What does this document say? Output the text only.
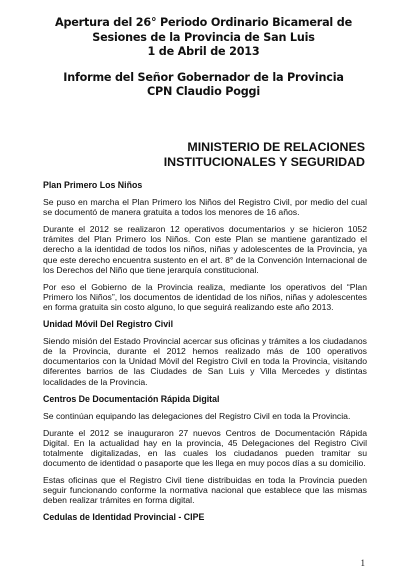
Apertura del 26° Periodo Ordinario Bicameral de
Sesiones de la Provincia de San Luis
1 de Abril de 2013
Informe del Señor Gobernador de la Provincia
CPN Claudio Poggi
MINISTERIO DE RELACIONES
INSTITUCIONALES Y SEGURIDAD
Plan Primero Los Niños

Se puso en marcha el Plan Primero los Niños del Registro Civil, por medio del cual se documentó de manera gratuita a todos los menores de 16 años.

Durante el 2012 se realizaron 12 operativos documentarios y se hicieron 1052 trámites del Plan Primero los Niños. Con este Plan se mantiene garantizado el derecho a la identidad de todos los niños, niñas y adolescentes de la Provincia, ya que este derecho encuentra sustento en el art. 8° de la Convención Internacional de los Derechos del Niño que tiene jerarquía constitucional.

Por eso el Gobierno de la Provincia realiza, mediante los operativos del “Plan Primero los Niños”, los documentos de identidad de los niños, niñas y adolescentes en forma gratuita sin costo alguno, lo que seguirá realizando este año 2013.

Unidad Móvil Del Registro Civil

Siendo misión del Estado Provincial acercar sus oficinas y trámites a los ciudadanos de la Provincia, durante el 2012 hemos realizado más de 100 operativos documentarios con la Unidad Móvil del Registro Civil en toda la Provincia, visitando diferentes barrios de las Ciudades de San Luis y Villa Mercedes y distintas localidades de la Provincia.

Centros De Documentación Rápida Digital

Se continúan equipando las delegaciones del Registro Civil en toda la Provincia.

Durante el 2012 se inauguraron 27 nuevos Centros de Documentación Rápida Digital. En la actualidad hay en la provincia, 45 Delegaciones del Registro Civil totalmente digitalizadas, en las cuales los ciudadanos pueden tramitar su documento de identidad o pasaporte que les llega en muy pocos días a su domicilio.

Estas oficinas que el Registro Civil tiene distribuidas en toda la Provincia pueden seguir funcionando conforme la normativa nacional que establece que las mismas deben realizar trámites en forma digital.

Cedulas de Identidad Provincial - CIPE
1
